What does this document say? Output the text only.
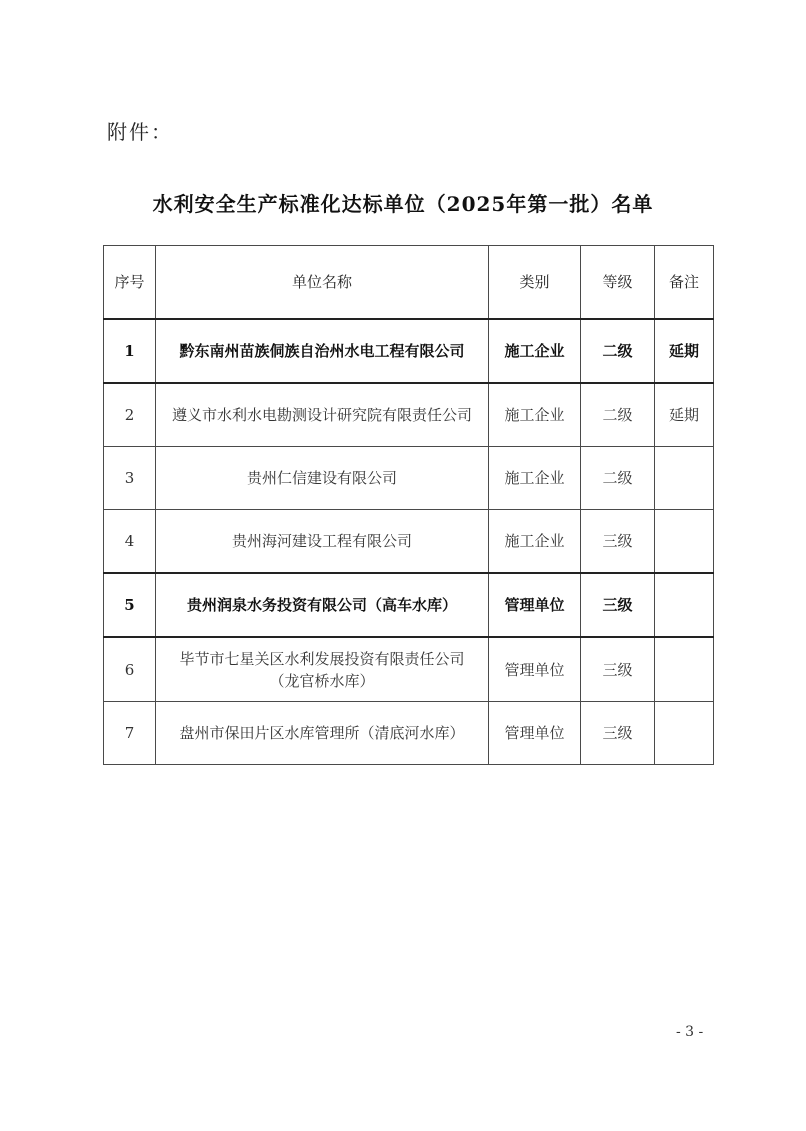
附件：
水利安全生产标准化达标单位（2025年第一批）名单
序号	单位名称	类别	等级	备注
1	黔东南州苗族侗族自治州水电工程有限公司	施工企业	二级	延期
2	遵义市水利水电勘测设计研究院有限责任公司	施工企业	二级	延期
3	贵州仁信建设有限公司	施工企业	二级	
4	贵州海河建设工程有限公司	施工企业	三级	
5	贵州润泉水务投资有限公司（高车水库）	管理单位	三级	
6	毕节市七星关区水利发展投资有限责任公司
（龙官桥水库）	管理单位	三级	
7	盘州市保田片区水库管理所（清底河水库）	管理单位	三级	
- 3 -
